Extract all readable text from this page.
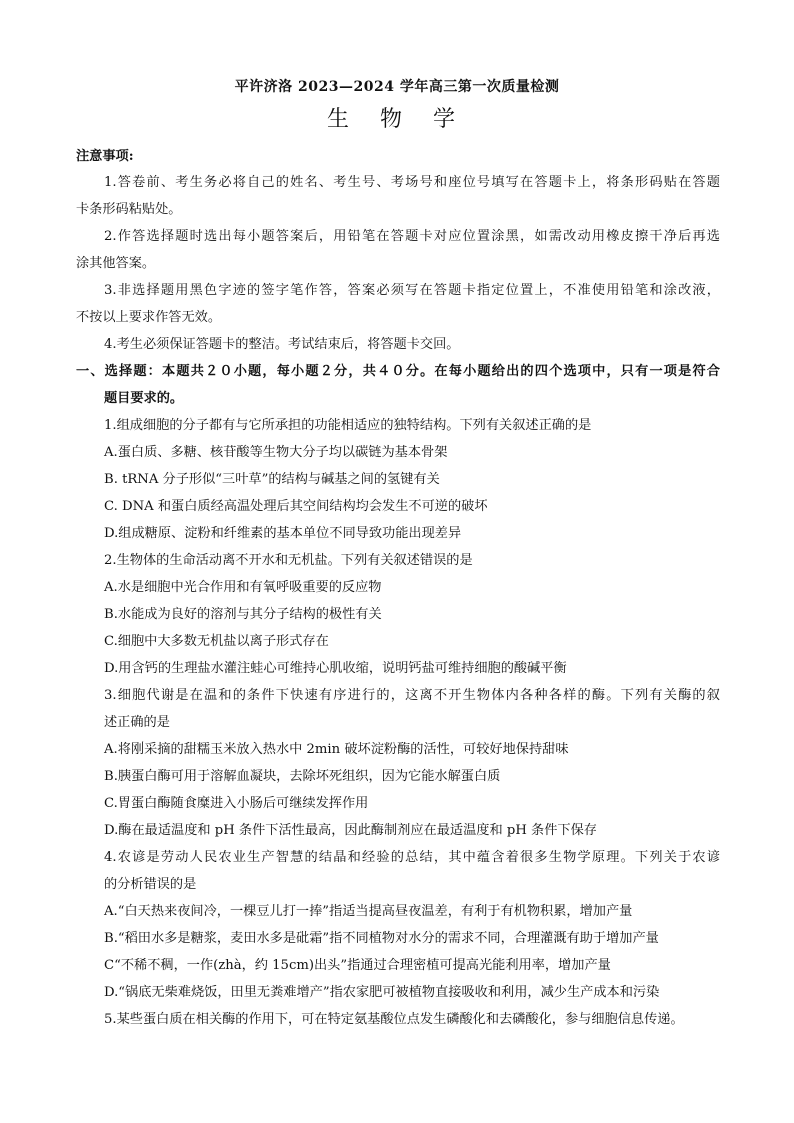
平许济洛 2023—2024 学年高三第一次质量检测
生 物 学
注意事项:
1.答卷前、考生务必将自己的姓名、考生号、考场号和座位号填写在答题卡上，将条形码贴在答题
卡条形码粘贴处。
2.作答选择题时选出每小题答案后，用铅笔在答题卡对应位置涂黑，如需改动用橡皮擦干净后再选
涂其他答案。
3.非选择题用黑色字迹的签字笔作答，答案必须写在答题卡指定位置上，不准使用铅笔和涂改液，
不按以上要求作答无效。
4.考生必须保证答题卡的整洁。考试结束后，将答题卡交回。
一、选择题：本题共２０小题，每小题２分，共４０分。在每小题给出的四个选项中，只有一项是符合
题目要求的。
1.组成细胞的分子都有与它所承担的功能相适应的独特结构。下列有关叙述正确的是
A.蛋白质、多糖、核苷酸等生物大分子均以碳链为基本骨架
B. tRNA 分子形似“三叶草”的结构与碱基之间的氢键有关
C. DNA 和蛋白质经高温处理后其空间结构均会发生不可逆的破坏
D.组成糖原、淀粉和纤维素的基本单位不同导致功能出现差异
2.生物体的生命活动离不开水和无机盐。下列有关叙述错误的是
A.水是细胞中光合作用和有氧呼吸重要的反应物
B.水能成为良好的溶剂与其分子结构的极性有关
C.细胞中大多数无机盐以离子形式存在
D.用含钙的生理盐水灌注蛙心可维持心肌收缩，说明钙盐可维持细胞的酸碱平衡
3.细胞代谢是在温和的条件下快速有序进行的，这离不开生物体内各种各样的酶。下列有关酶的叙
述正确的是
A.将刚采摘的甜糯玉米放入热水中 2min 破坏淀粉酶的活性，可较好地保持甜味
B.胰蛋白酶可用于溶解血凝块，去除坏死组织，因为它能水解蛋白质
C.胃蛋白酶随食糜进入小肠后可继续发挥作用
D.酶在最适温度和 pH 条件下活性最高，因此酶制剂应在最适温度和 pH 条件下保存
4.农谚是劳动人民农业生产智慧的结晶和经验的总结，其中蕴含着很多生物学原理。下列关于农谚
的分析错误的是
A.“白天热来夜间冷，一棵豆儿打一捧”指适当提高昼夜温差，有利于有机物积累，增加产量
B.“稻田水多是糖浆，麦田水多是砒霜”指不同植物对水分的需求不同，合理灌溉有助于增加产量
C“不稀不稠，一作(zhà，约 15cm)出头”指通过合理密植可提高光能利用率，增加产量
D.“锅底无柴难烧饭，田里无粪难增产”指农家肥可被植物直接吸收和利用，减少生产成本和污染
5.某些蛋白质在相关酶的作用下，可在特定氨基酸位点发生磷酸化和去磷酸化，参与细胞信息传递。
